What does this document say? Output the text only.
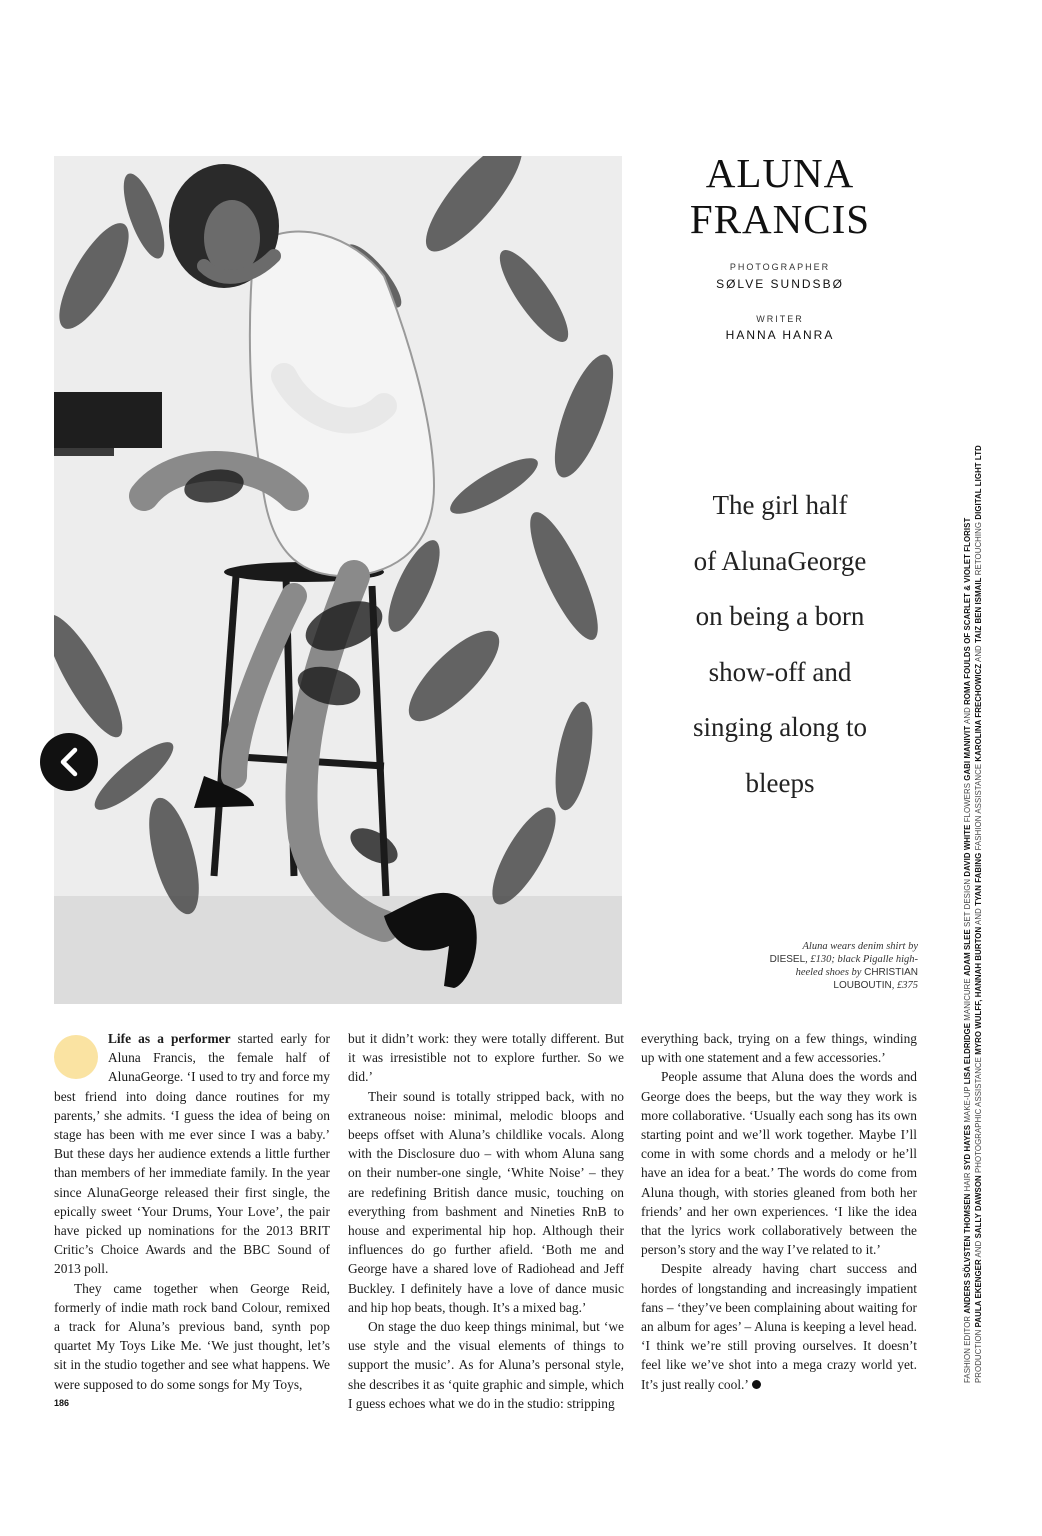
ALUNA
FRANCIS
PHOTOGRAPHER
SØLVE SUNDSBØ
WRITER
HANNA HANRA
The girl half
of AlunaGeorge
on being a born
show-off and
singing along to
bleeps
Aluna wears denim shirt by DIESEL, £130; black Pigalle high-heeled shoes by CHRISTIAN LOUBOUTIN, £375

Life as a performer started early for Aluna Francis, the female half of AlunaGeorge. ‘I used to try and force my best friend into doing dance routines for my parents,’ she admits. ‘I guess the idea of being on stage has been with me ever since I was a baby.’ But these days her audience extends a little further than members of her immediate family. In the year since AlunaGeorge released their first single, the epically sweet ‘Your Drums, Your Love’, the pair have picked up nominations for the 2013 BRIT Critic’s Choice Awards and the BBC Sound of 2013 poll.

They came together when George Reid, formerly of indie math rock band Colour, remixed a track for Aluna’s previous band, synth pop quartet My Toys Like Me. ‘We just thought, let’s sit in the studio together and see what happens. We were supposed to do some songs for My Toys,

but it didn’t work: they were totally different. But it was irresistible not to explore further. So we did.’

Their sound is totally stripped back, with no extraneous noise: minimal, melodic bloops and beeps offset with Aluna’s childlike vocals. Along with the Disclosure duo – with whom Aluna sang on their number-one single, ‘White Noise’ – they are redefining British dance music, touching on everything from bashment and Nineties RnB to house and experimental hip hop. Although their influences do go further afield. ‘Both me and George have a shared love of Radiohead and Jeff Buckley. I definitely have a love of dance music and hip hop beats, though. It’s a mixed bag.’

On stage the duo keep things minimal, but ‘we use style and the visual elements of things to support the music’. As for Aluna’s personal style, she describes it as ‘quite graphic and simple, which I guess echoes what we do in the studio: stripping

everything back, trying on a few things, winding up with one statement and a few accessories.’

People assume that Aluna does the words and George does the beeps, but the way they work is more collaborative. ‘Usually each song has its own starting point and we’ll work together. Maybe I’ll come in with some chords and a melody or he’ll have an idea for a beat.’ The words do come from Aluna though, with stories gleaned from both her friends’ and her own experiences. ‘I like the idea that the lyrics work collaboratively between the person’s story and the way I’ve related to it.’

Despite already having chart success and hordes of longstanding and increasingly impatient fans – ‘they’ve been complaining about waiting for an album for ages’ – Aluna is keeping a level head. ‘I think we’re still proving ourselves. It doesn’t feel like we’ve shot into a mega crazy world yet. It’s just really cool.’

186
FASHION EDITOR ANDERS SÖLVSTEN THOMSEN HAIR SYD HAYES MAKE-UP LISA ELDRIDGE MANICURE ADAM SLEE SET DESIGN DAVID WHITE FLOWERS GABI MANIVIT AND ROMA FOULDS OF SCARLET & VIOLET FLORIST
PRODUCTION PAULA EKENGER AND SALLY DAWSON PHOTOGRAPHIC ASSISTANCE MYRO WULFF, HANNAH BURTON AND TYAN FABING FASHION ASSISTANCE KAROLINA FRECHOWICZ AND TAIZ BEN ISMAIL RETOUCHING DIGITAL LIGHT LTD
